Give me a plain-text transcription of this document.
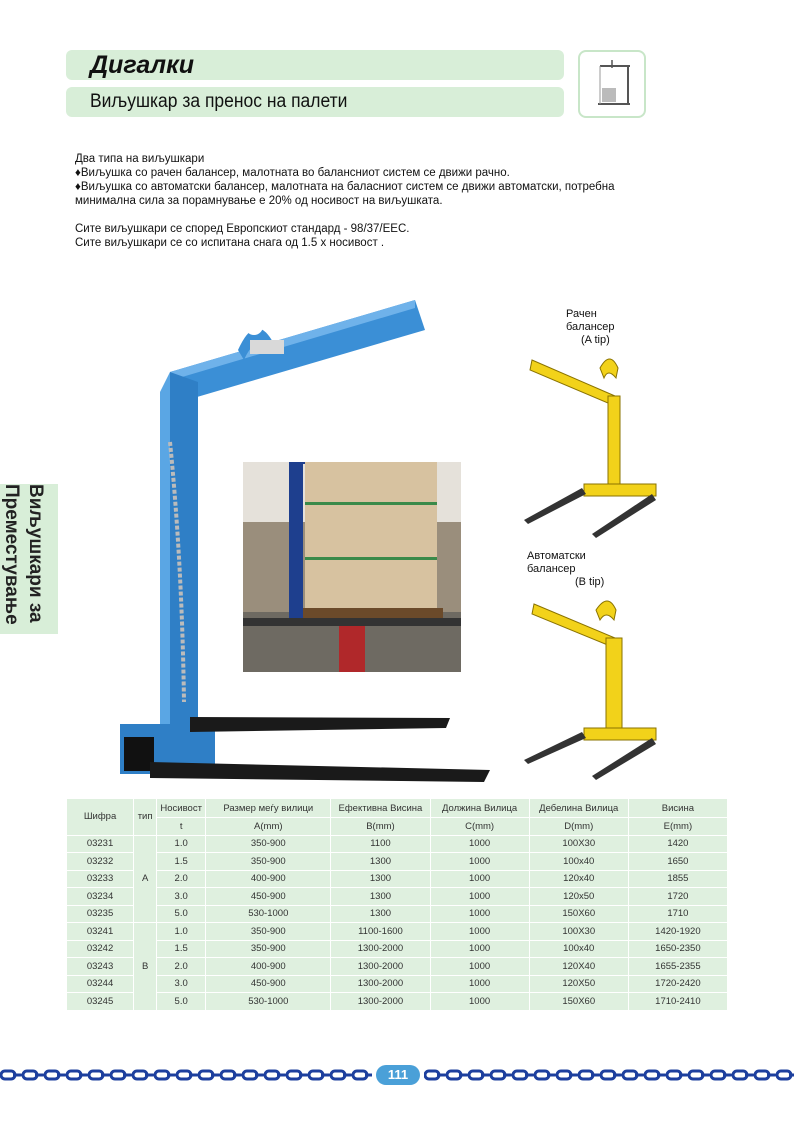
Дигалки
Виљушкар за пренос на палети
Виљушкари за
Преместување

Два типа на виљушкари

♦Виљушка со рачен балансер, малотната во балансниот систем се движи рачно.

♦Виљушка со автоматски балансер, малотната на баласниот систем се движи автоматски, потребна

минимална сила за порамнување е 20% од носивост на виљушката.

Сите виљушкари се според Европскиот стандард - 98/37/EEC.

Сите виљушкари се со испитана снага од 1.5 x носивост .

Рачен
балансер
(A tip)
Автоматски
балансер
(B tip)
Шифра	тип	Носивост	Размер мeѓу вилици	Ефективна Висина	Должина Вилица	Дебелина Вилица	Висина
		t	A(mm)	B(mm)	C(mm)	D(mm)	E(mm)
03231	A	1.0	350-900	1100	1000	100X30	1420
03232		1.5	350-900	1300	1000	100x40	1650
03233		2.0	400-900	1300	1000	120x40	1855
03234		3.0	450-900	1300	1000	120x50	1720
03235		5.0	530-1000	1300	1000	150X60	1710
03241	B	1.0	350-900	1100-1600	1000	100X30	1420-1920
03242		1.5	350-900	1300-2000	1000	100x40	1650-2350
03243		2.0	400-900	1300-2000	1000	120X40	1655-2355
03244		3.0	450-900	1300-2000	1000	120X50	1720-2420
03245		5.0	530-1000	1300-2000	1000	150X60	1710-2410
111
